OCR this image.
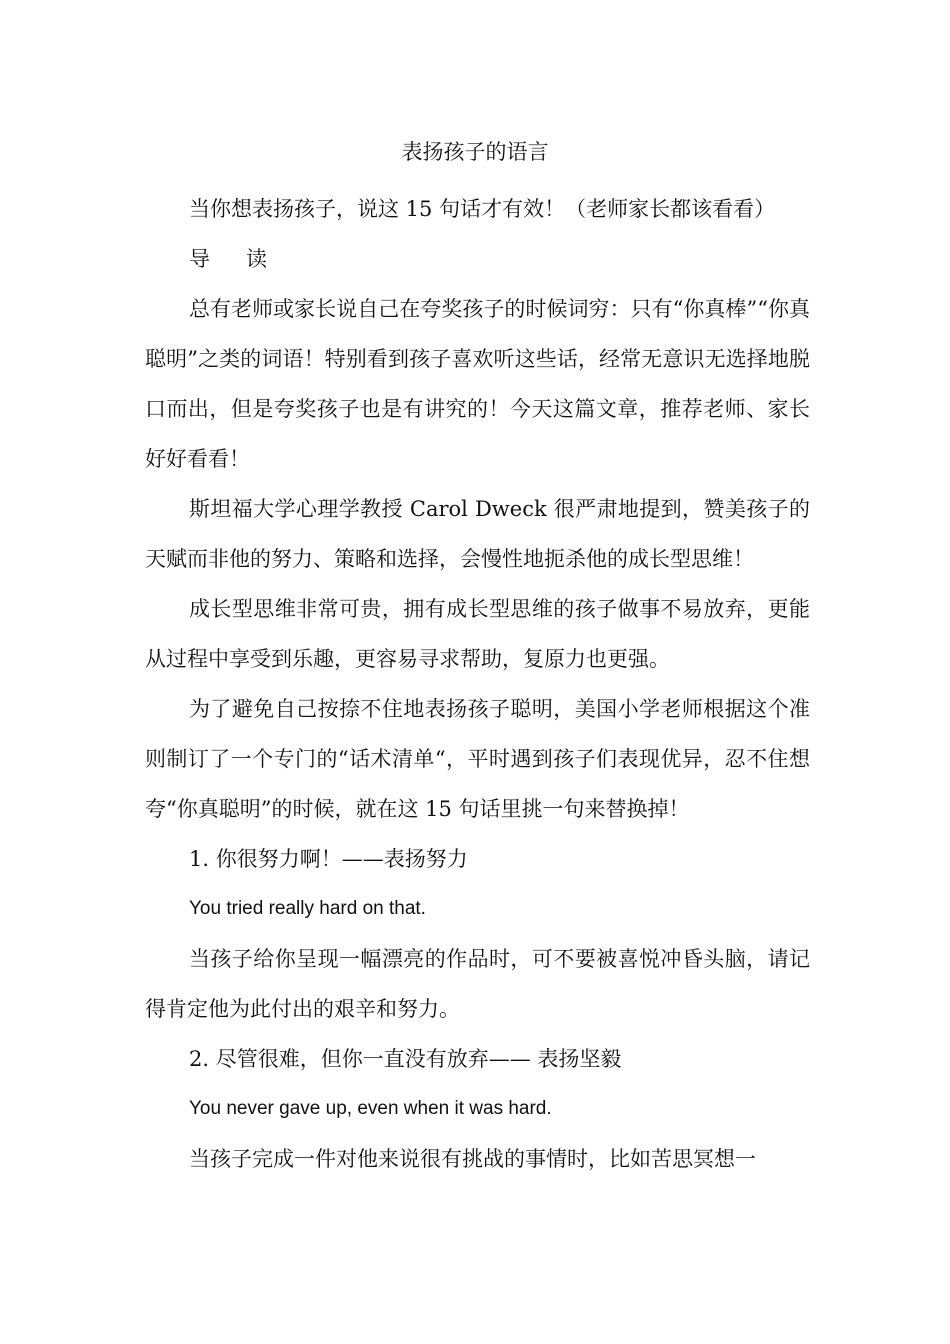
表扬孩子的语言

当你想表扬孩子，说这 15 句话才有效！（老师家长都该看看）

导读

总有老师或家长说自己在夸奖孩子的时候词穷：只有“你真棒”“你真聪明”之类的词语！特别看到孩子喜欢听这些话，经常无意识无选择地脱口而出，但是夸奖孩子也是有讲究的！今天这篇文章，推荐老师、家长好好看看！

斯坦福大学心理学教授 Carol Dweck 很严肃地提到，赞美孩子的天赋而非他的努力、策略和选择，会慢性地扼杀他的成长型思维！

成长型思维非常可贵，拥有成长型思维的孩子做事不易放弃，更能从过程中享受到乐趣，更容易寻求帮助，复原力也更强。

为了避免自己按捺不住地表扬孩子聪明，美国小学老师根据这个准则制订了一个专门的“话术清单“，平时遇到孩子们表现优异，忍不住想夸“你真聪明”的时候，就在这 15 句话里挑一句来替换掉！

1. 你很努力啊！——表扬努力

You tried really hard on that.

当孩子给你呈现一幅漂亮的作品时，可不要被喜悦冲昏头脑，请记得肯定他为此付出的艰辛和努力。

2. 尽管很难，但你一直没有放弃—— 表扬坚毅

You never gave up, even when it was hard.

当孩子完成一件对他来说很有挑战的事情时，比如苦思冥想一
